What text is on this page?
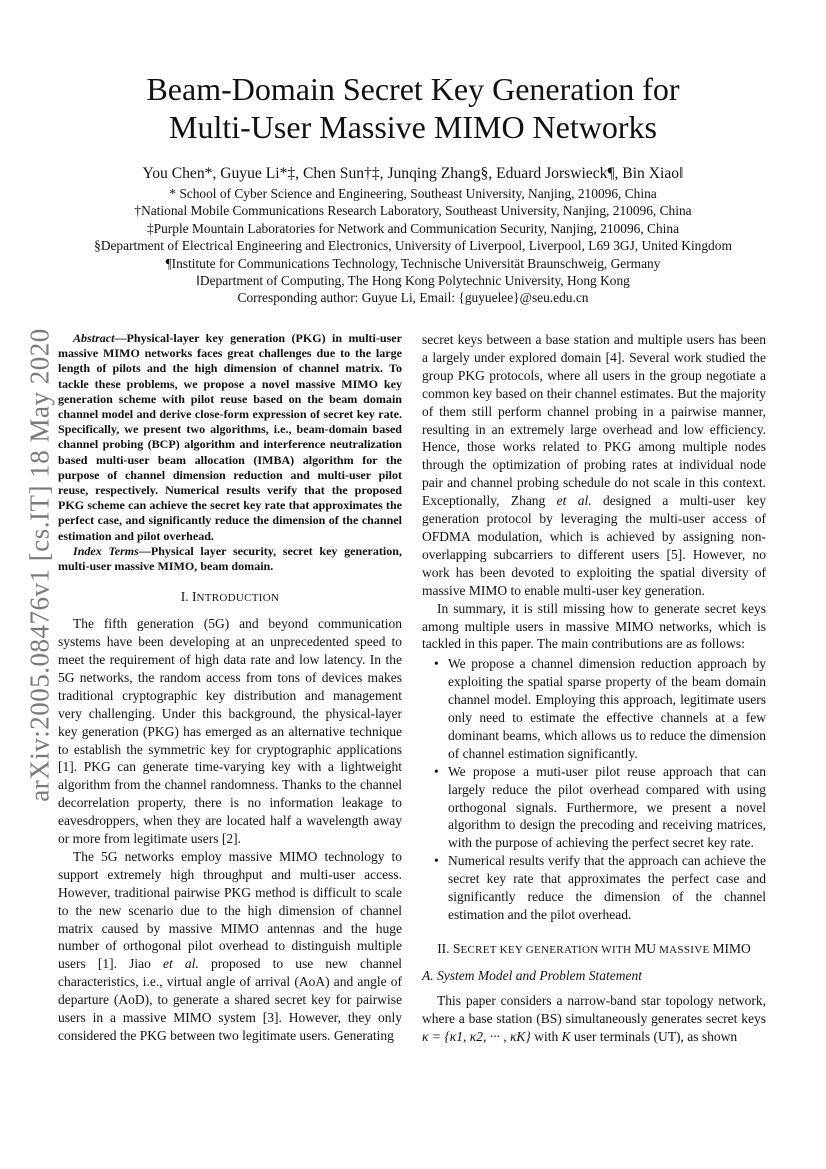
arXiv:2005.08476v1 [cs.IT] 18 May 2020
Beam-Domain Secret Key Generation for
Multi-User Massive MIMO Networks
You Chen*, Guyue Li*‡, Chen Sun†‡, Junqing Zhang§, Eduard Jorswieck¶, Bin Xiao‖
* School of Cyber Science and Engineering, Southeast University, Nanjing, 210096, China
†National Mobile Communications Research Laboratory, Southeast University, Nanjing, 210096, China
‡Purple Mountain Laboratories for Network and Communication Security, Nanjing, 210096, China
§Department of Electrical Engineering and Electronics, University of Liverpool, Liverpool, L69 3GJ, United Kingdom
¶Institute for Communications Technology, Technische Universität Braunschweig, Germany
‖Department of Computing, The Hong Kong Polytechnic University, Hong Kong
Corresponding author: Guyue Li, Email: {guyuelee}@seu.edu.cn

Abstract—Physical-layer key generation (PKG) in multi-user massive MIMO networks faces great challenges due to the large length of pilots and the high dimension of channel matrix. To tackle these problems, we propose a novel massive MIMO key generation scheme with pilot reuse based on the beam domain channel model and derive close-form expression of secret key rate. Specifically, we present two algorithms, i.e., beam-domain based channel probing (BCP) algorithm and interference neutralization based multi-user beam allocation (IMBA) algorithm for the purpose of channel dimension reduction and multi-user pilot reuse, respectively. Numerical results verify that the proposed PKG scheme can achieve the secret key rate that approximates the perfect case, and significantly reduce the dimension of the channel estimation and pilot overhead.

Index Terms—Physical layer security, secret key generation, multi-user massive MIMO, beam domain.

I. INTRODUCTION

The fifth generation (5G) and beyond communication systems have been developing at an unprecedented speed to meet the requirement of high data rate and low latency. In the 5G networks, the random access from tons of devices makes traditional cryptographic key distribution and management very challenging. Under this background, the physical-layer key generation (PKG) has emerged as an alternative technique to establish the symmetric key for cryptographic applications [1]. PKG can generate time-varying key with a lightweight algorithm from the channel randomness. Thanks to the channel decorrelation property, there is no information leakage to eavesdroppers, when they are located half a wavelength away or more from legitimate users [2].

The 5G networks employ massive MIMO technology to support extremely high throughput and multi-user access. However, traditional pairwise PKG method is difficult to scale to the new scenario due to the high dimension of channel matrix caused by massive MIMO antennas and the huge number of orthogonal pilot overhead to distinguish multiple users [1]. Jiao et al. proposed to use new channel characteristics, i.e., virtual angle of arrival (AoA) and angle of departure (AoD), to generate a shared secret key for pairwise users in a massive MIMO system [3]. However, they only considered the PKG between two legitimate users. Generating

secret keys between a base station and multiple users has been a largely under explored domain [4]. Several work studied the group PKG protocols, where all users in the group negotiate a common key based on their channel estimates. But the majority of them still perform channel probing in a pairwise manner, resulting in an extremely large overhead and low efficiency. Hence, those works related to PKG among multiple nodes through the optimization of probing rates at individual node pair and channel probing schedule do not scale in this context. Exceptionally, Zhang et al. designed a multi-user key generation protocol by leveraging the multi-user access of OFDMA modulation, which is achieved by assigning non-overlapping subcarriers to different users [5]. However, no work has been devoted to exploiting the spatial diversity of massive MIMO to enable multi-user key generation.

In summary, it is still missing how to generate secret keys among multiple users in massive MIMO networks, which is tackled in this paper. The main contributions are as follows:

• We propose a channel dimension reduction approach by exploiting the spatial sparse property of the beam domain channel model. Employing this approach, legitimate users only need to estimate the effective channels at a few dominant beams, which allows us to reduce the dimension of channel estimation significantly.
• We propose a muti-user pilot reuse approach that can largely reduce the pilot overhead compared with using orthogonal signals. Furthermore, we present a novel algorithm to design the precoding and receiving matrices, with the purpose of achieving the perfect secret key rate.
• Numerical results verify that the approach can achieve the secret key rate that approximates the perfect case and significantly reduce the dimension of the channel estimation and the pilot overhead.
II. SECRET KEY GENERATION WITH MU MASSIVE MIMO
A. System Model and Problem Statement

This paper considers a narrow-band star topology network, where a base station (BS) simultaneously generates secret keys κ = {κ1, κ2, ··· , κK} with K user terminals (UT), as shown
